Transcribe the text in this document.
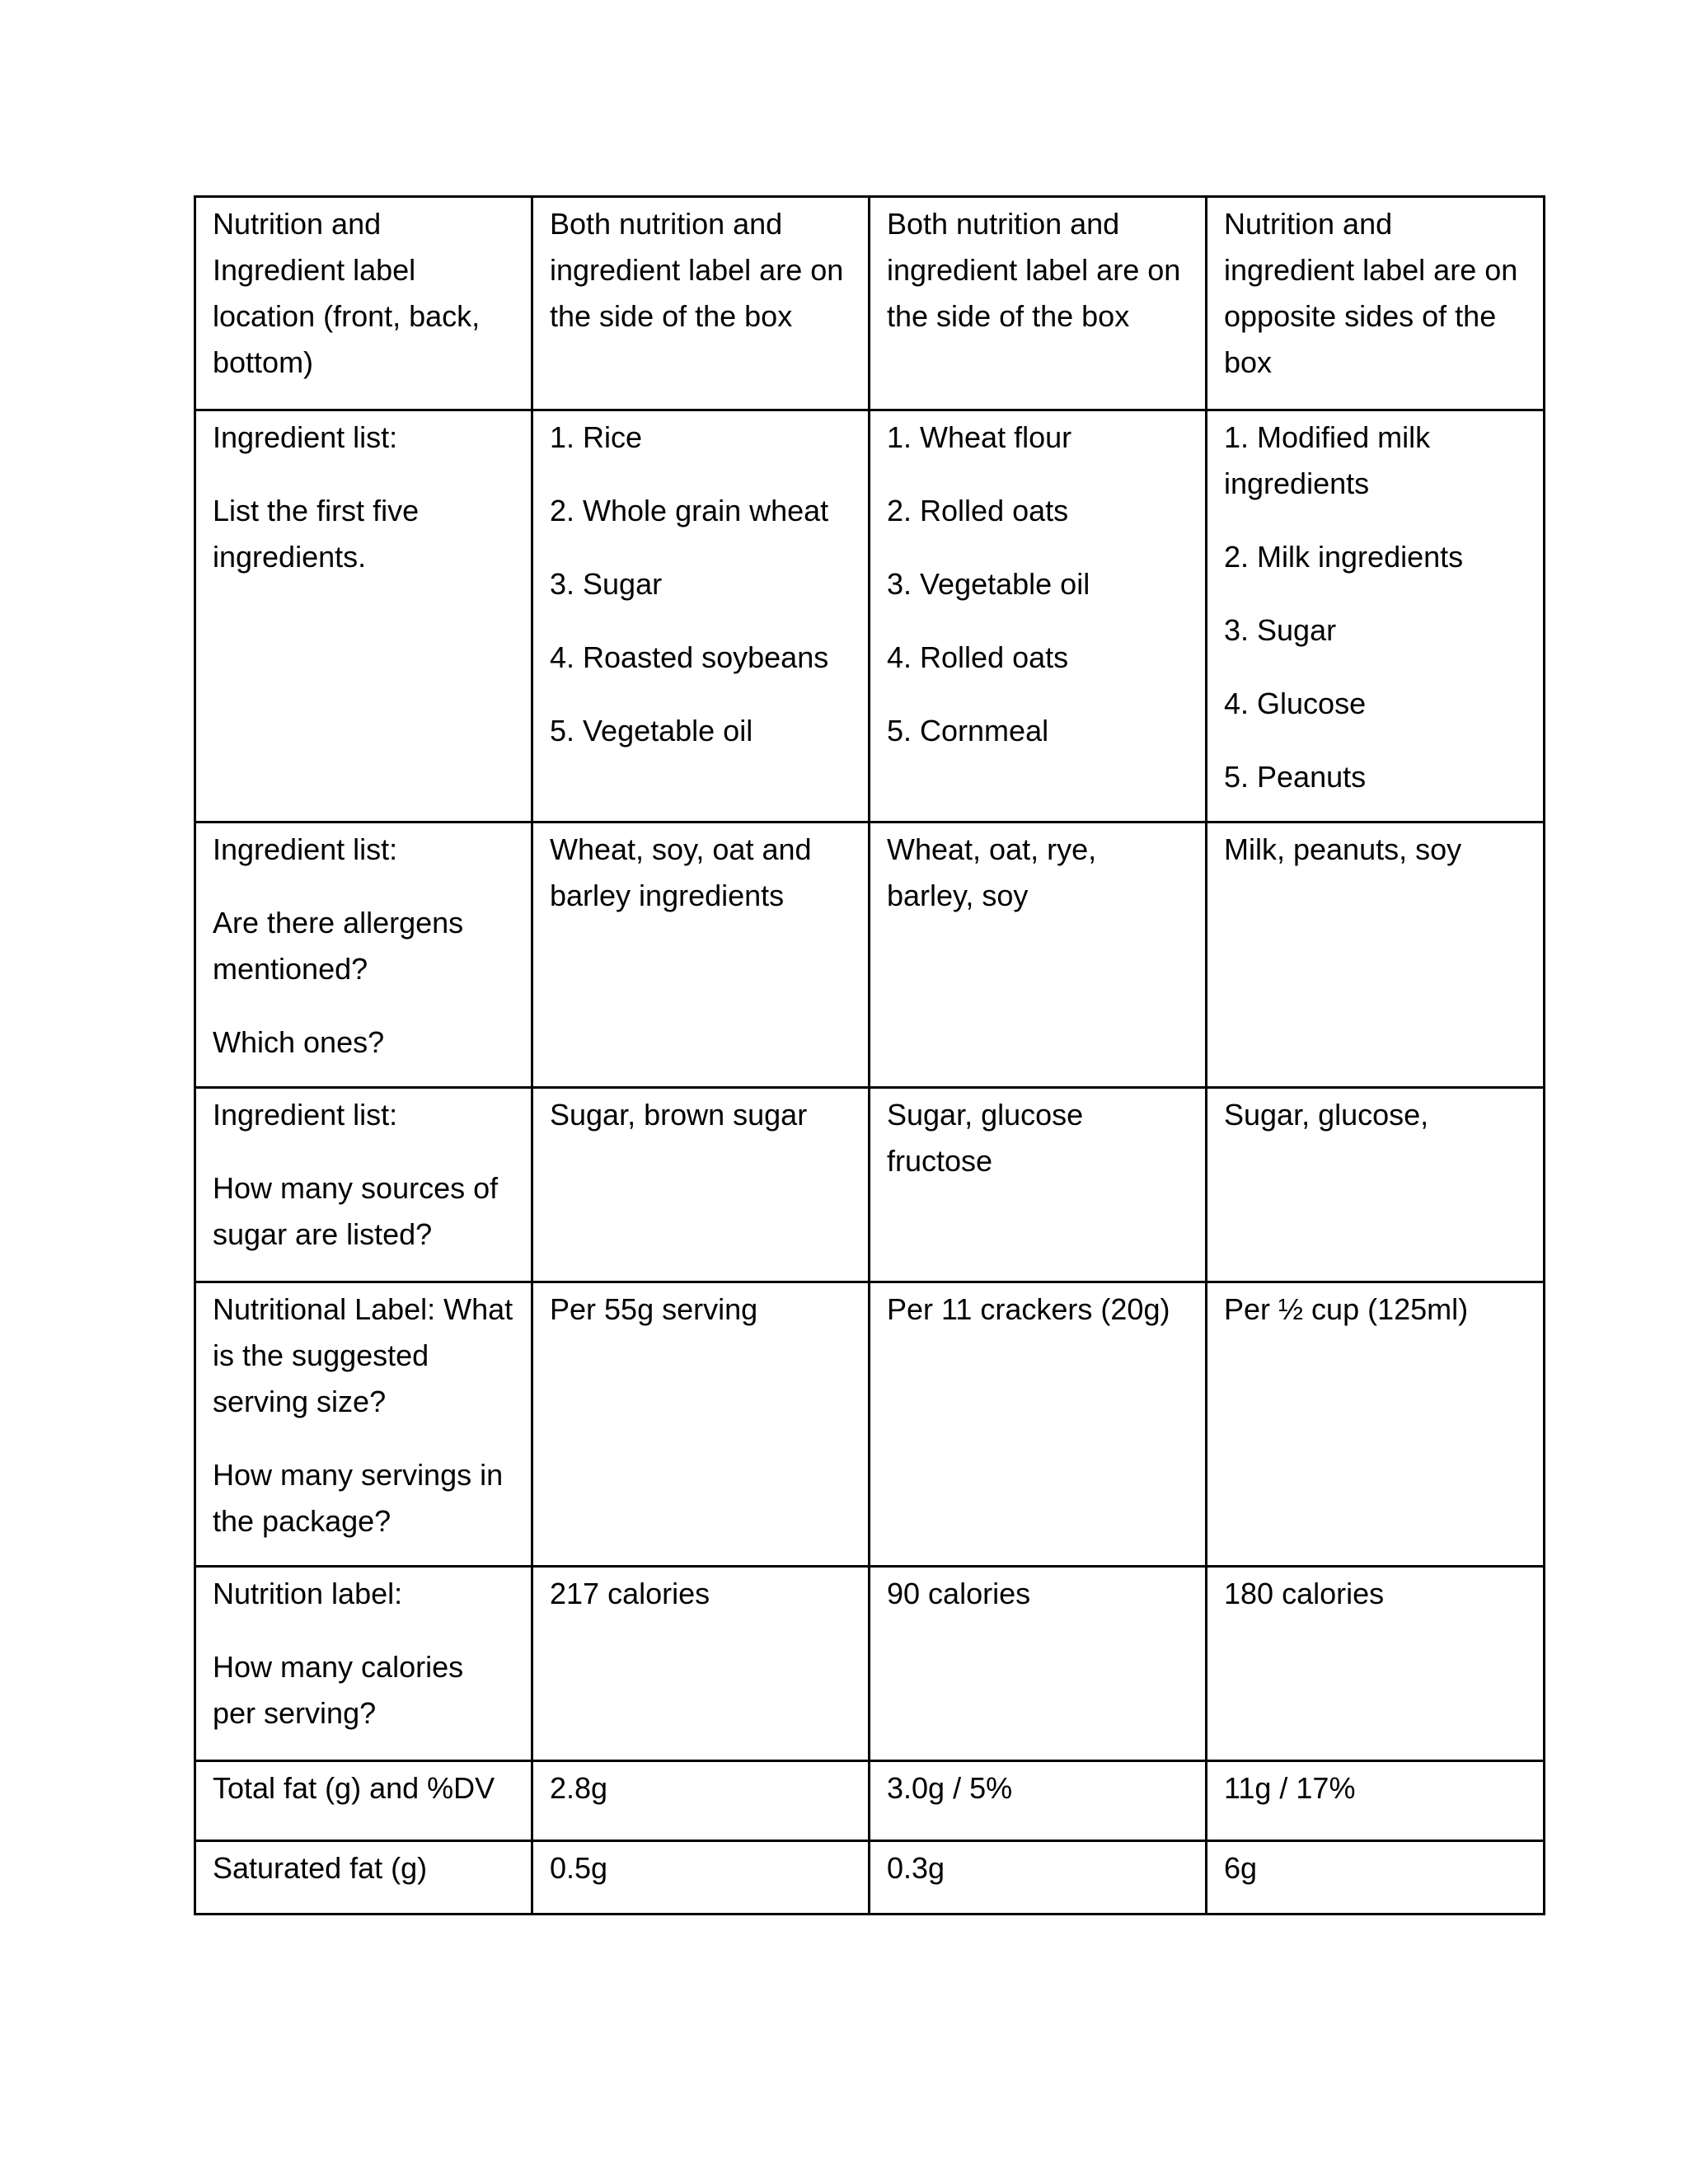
Nutrition and Ingredient label location (front, back, bottom)	Both nutrition and ingredient label are on the side of the box	Both nutrition and ingredient label are on the side of the box	Nutrition and ingredient label are on opposite sides of the box

Ingredient list:
List the first five ingredients.	1. Rice
2. Whole grain wheat
3. Sugar
4. Roasted soybeans
5. Vegetable oil	1. Wheat flour
2. Rolled oats
3. Vegetable oil
4. Rolled oats
5. Cornmeal	1. Modified milk ingredients
2. Milk ingredients
3. Sugar
4. Glucose
5. Peanuts

Ingredient list:
Are there allergens mentioned?
Which ones?	Wheat, soy, oat and barley ingredients	Wheat, oat, rye, barley, soy	Milk, peanuts, soy

Ingredient list:
How many sources of sugar are listed?	Sugar, brown sugar	Sugar, glucose
fructose	Sugar, glucose,

Nutritional Label: What is the suggested serving size?
How many servings in the package?	Per 55g serving	Per 11 crackers (20g)	Per ½ cup (125ml)

Nutrition label:
How many calories per serving?	217 calories	90 calories	180 calories

Total fat (g) and %DV	2.8g	3.0g / 5%	11g / 17%

Saturated fat (g)	0.5g	0.3g	6g
